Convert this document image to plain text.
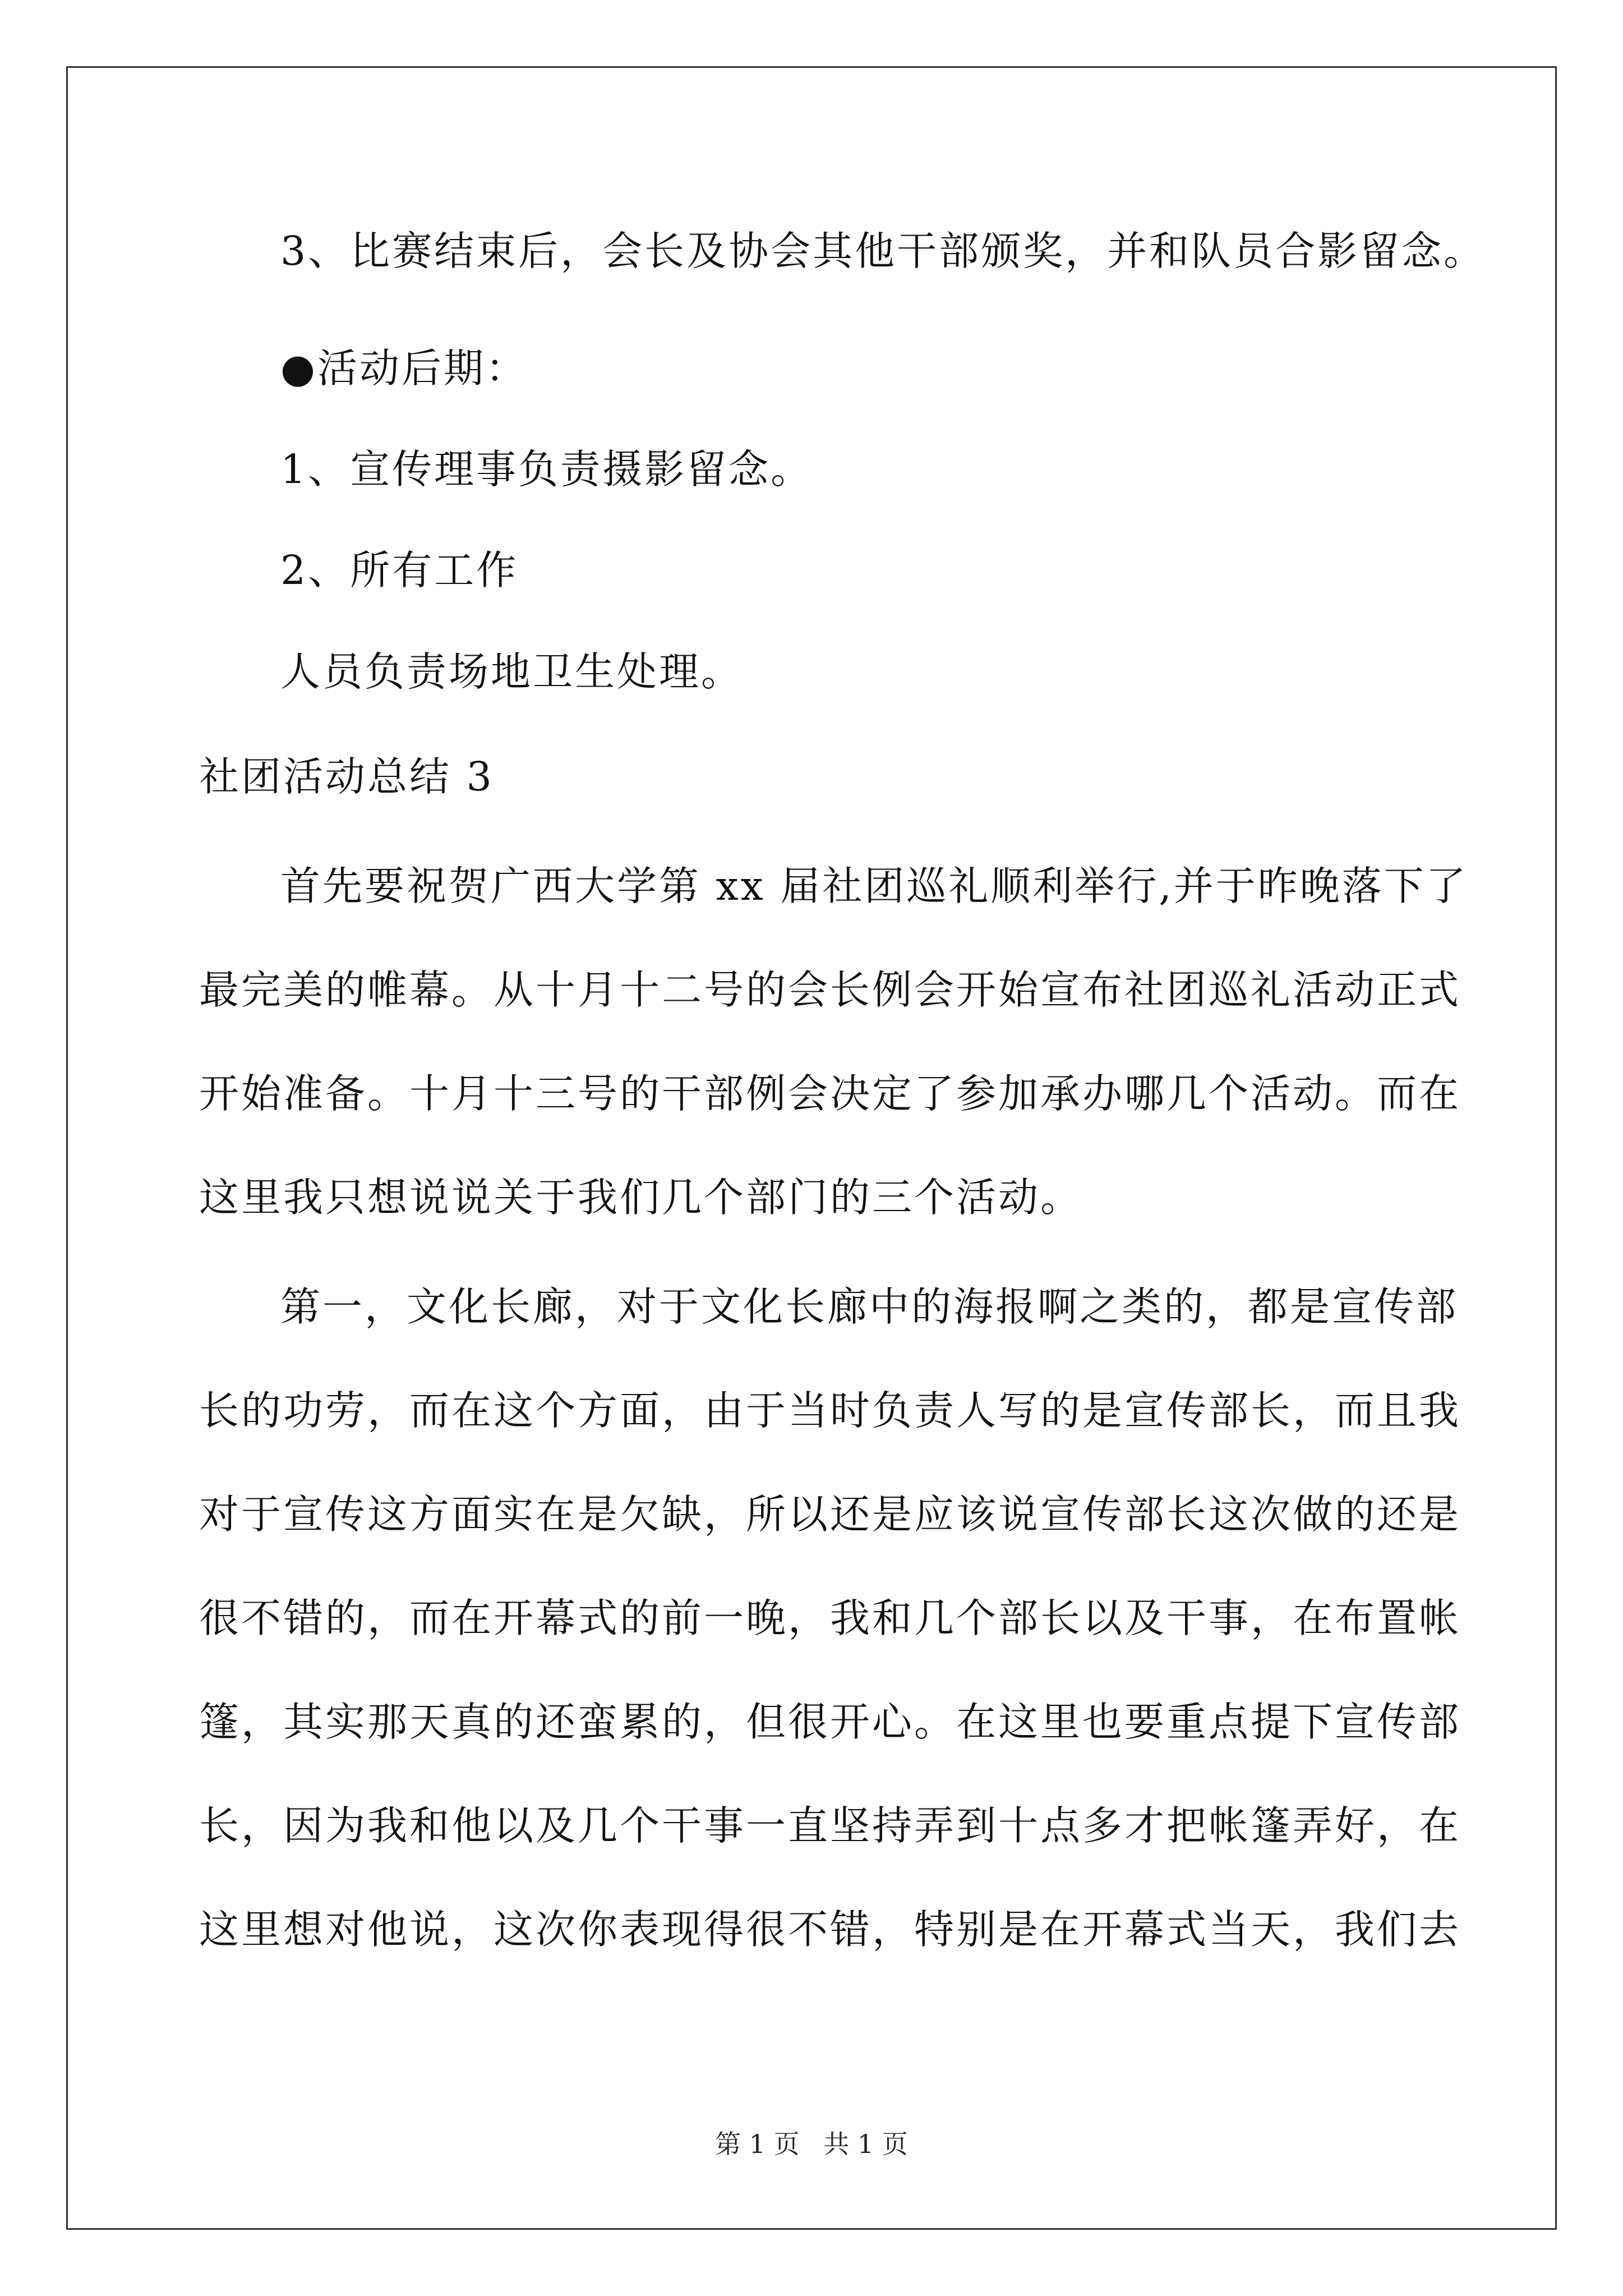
3、比赛结束后，会长及协会其他干部颁奖，并和队员合影留念。
●活动后期：
1、宣传理事负责摄影留念。
2、所有工作
人员负责场地卫生处理。
社团活动总结 3
首先要祝贺广西大学第 xx 届社团巡礼顺利举行,并于昨晚落下了
最完美的帷幕。从十月十二号的会长例会开始宣布社团巡礼活动正式
开始准备。十月十三号的干部例会决定了参加承办哪几个活动。而在
这里我只想说说关于我们几个部门的三个活动。
第一，文化长廊，对于文化长廊中的海报啊之类的，都是宣传部
长的功劳，而在这个方面，由于当时负责人写的是宣传部长，而且我
对于宣传这方面实在是欠缺，所以还是应该说宣传部长这次做的还是
很不错的，而在开幕式的前一晚，我和几个部长以及干事，在布置帐
篷，其实那天真的还蛮累的，但很开心。在这里也要重点提下宣传部
长，因为我和他以及几个干事一直坚持弄到十点多才把帐篷弄好，在
这里想对他说，这次你表现得很不错，特别是在开幕式当天，我们去
第 1 页 共 1 页
